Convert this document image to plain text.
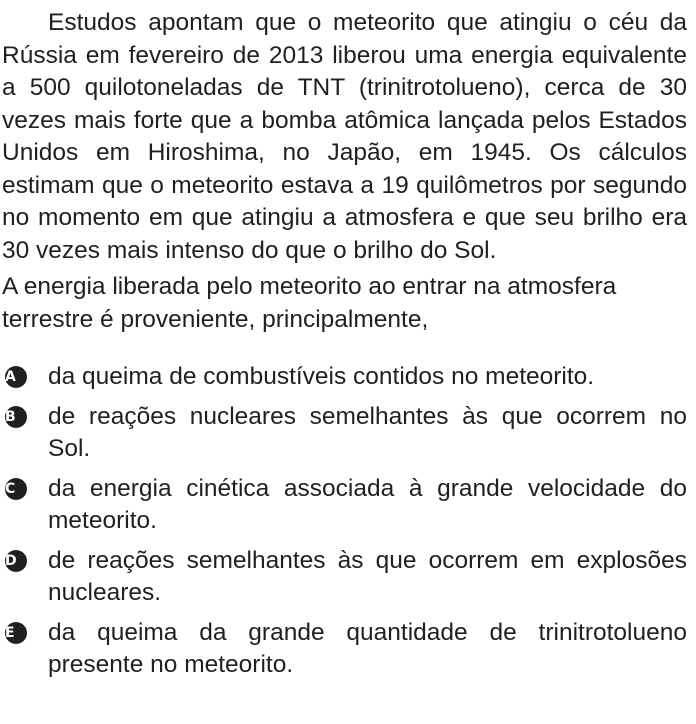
Estudos apontam que o meteorito que atingiu o céu da Rússia em fevereiro de 2013 liberou uma energia equivalente a 500 quilotoneladas de TNT (trinitrotolueno), cerca de 30 vezes mais forte que a bomba atômica lançada pelos Estados Unidos em Hiroshima, no Japão, em 1945. Os cálculos estimam que o meteorito estava a 19 quilômetros por segundo no momento em que atingiu a atmosfera e que seu brilho era 30 vezes mais intenso do que o brilho do Sol.

A energia liberada pelo meteorito ao entrar na atmosfera terrestre é proveniente, principalmente,

A	da queima de combustíveis contidos no meteorito.
B	de reações nucleares semelhantes às que ocorrem no Sol.
C	da energia cinética associada à grande velocidade do meteorito.
D	de reações semelhantes às que ocorrem em explosões nucleares.
E	da queima da grande quantidade de trinitrotolueno presente no meteorito.
